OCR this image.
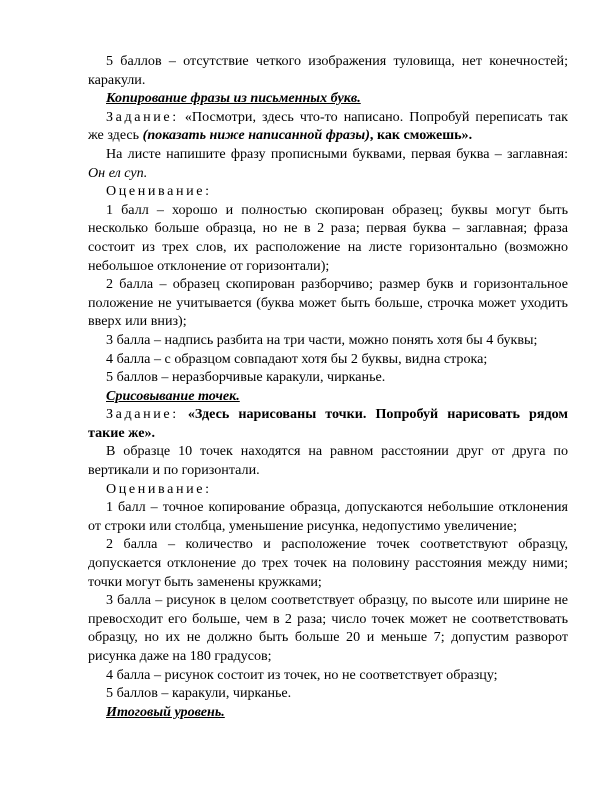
5 баллов – отсутствие четкого изображения туловища, нет конечностей; каракули.

Копирование фразы из письменных букв.

Задание: «Посмотри, здесь что-то написано. Попробуй переписать так же здесь (показать ниже написанной фразы), как сможешь».

На листе напишите фразу прописными буквами, первая буква – заглавная: Он ел суп.

Оценивание:

1 балл – хорошо и полностью скопирован образец; буквы могут быть несколько больше образца, но не в 2 раза; первая буква – заглавная; фраза состоит из трех слов, их расположение на листе горизонтально (возможно небольшое отклонение от горизонтали);

2 балла – образец скопирован разборчиво; размер букв и горизонтальное положение не учитывается (буква может быть больше, строчка может уходить вверх или вниз);

3 балла – надпись разбита на три части, можно понять хотя бы 4 буквы;

4 балла – с образцом совпадают хотя бы 2 буквы, видна строка;

5 баллов – неразборчивые каракули, чирканье.

Срисовывание точек.

Задание: «Здесь нарисованы точки. Попробуй нарисовать рядом такие же».

В образце 10 точек находятся на равном расстоянии друг от друга по вертикали и по горизонтали.

Оценивание:

1 балл – точное копирование образца, допускаются небольшие отклонения от строки или столбца, уменьшение рисунка, недопустимо увеличение;

2 балла – количество и расположение точек соответствуют образцу, допускается отклонение до трех точек на половину расстояния между ними; точки могут быть заменены кружками;

3 балла – рисунок в целом соответствует образцу, по высоте или ширине не превосходит его больше, чем в 2 раза; число точек может не соответствовать образцу, но их не должно быть больше 20 и меньше 7; допустим разворот рисунка даже на 180 градусов;

4 балла – рисунок состоит из точек, но не соответствует образцу;

5 баллов – каракули, чирканье.

Итоговый уровень.
